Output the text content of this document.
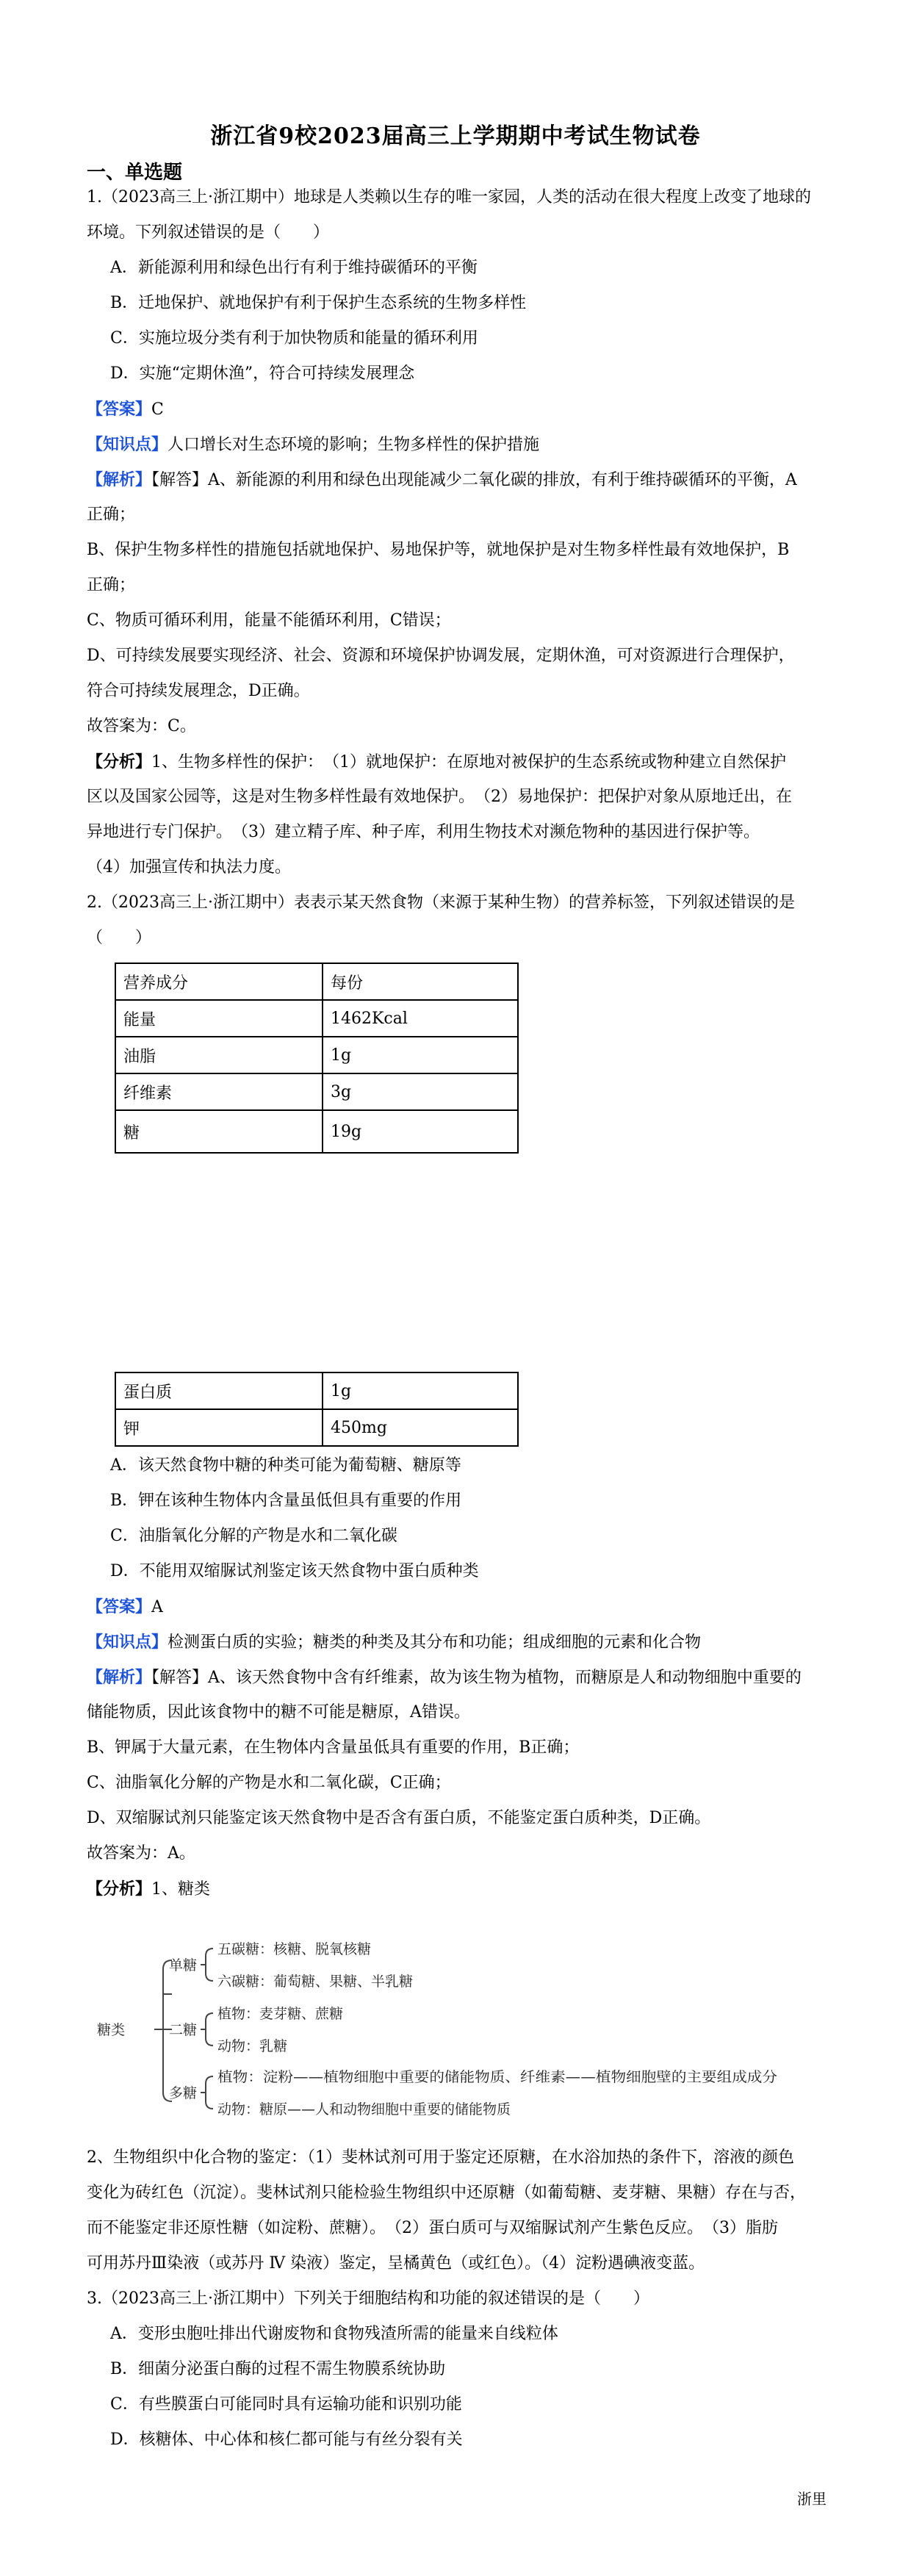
浙江省9校2023届高三上学期期中考试生物试卷
一、单选题
1.（2023高三上·浙江期中）地球是人类赖以生存的唯一家园，人类的活动在很大程度上改变了地球的
环境。下列叙述错误的是（　　）
A．新能源利用和绿色出行有利于维持碳循环的平衡
B．迁地保护、就地保护有利于保护生态系统的生物多样性
C．实施垃圾分类有利于加快物质和能量的循环利用
D．实施“定期休渔”，符合可持续发展理念
【答案】C
【知识点】人口增长对生态环境的影响；生物多样性的保护措施
【解析】【解答】A、新能源的利用和绿色出现能减少二氧化碳的排放，有利于维持碳循环的平衡，A
正确；
B、保护生物多样性的措施包括就地保护、易地保护等，就地保护是对生物多样性最有效地保护，B
正确；
C、物质可循环利用，能量不能循环利用，C错误；
D、可持续发展要实现经济、社会、资源和环境保护协调发展，定期休渔，可对资源进行合理保护，
符合可持续发展理念，D正确。
故答案为：C。
【分析】1、生物多样性的保护：　（1）就地保护：在原地对被保护的生态系统或物种建立自然保护
区以及国家公园等，这是对生物多样性最有效地保护。　（2）易地保护：把保护对象从原地迁出，在
异地进行专门保护。　（3）建立精子库、种子库，利用生物技术对濒危物种的基因进行保护等。
（4）加强宣传和执法力度。
2.（2023高三上·浙江期中）表表示某天然食物（来源于某种生物）的营养标签，下列叙述错误的是
（　　）
营养成分	每份
能量	1462Kcal
油脂	1g
纤维素	3g
糖	19g
蛋白质	1g
钾	450mg
A．该天然食物中糖的种类可能为葡萄糖、糖原等
B．钾在该种生物体内含量虽低但具有重要的作用
C．油脂氧化分解的产物是水和二氧化碳
D．不能用双缩脲试剂鉴定该天然食物中蛋白质种类
【答案】A
【知识点】检测蛋白质的实验；糖类的种类及其分布和功能；组成细胞的元素和化合物
【解析】【解答】A、该天然食物中含有纤维素，故为该生物为植物，而糖原是人和动物细胞中重要的
储能物质，因此该食物中的糖不可能是糖原，A错误。
B、钾属于大量元素，在生物体内含量虽低具有重要的作用，B正确；
C、油脂氧化分解的产物是水和二氧化碳，C正确；
D、双缩脲试剂只能鉴定该天然食物中是否含有蛋白质，不能鉴定蛋白质种类，D正确。
故答案为：A。
【分析】1、糖类
糖类
单糖
二糖
多糖
五碳糖：核糖、脱氧核糖
六碳糖：葡萄糖、果糖、半乳糖
植物：麦芽糖、蔗糖
动物：乳糖
植物：淀粉——植物细胞中重要的储能物质、纤维素——植物细胞壁的主要组成成分
动物：糖原——人和动物细胞中重要的储能物质
2、生物组织中化合物的鉴定：（1）斐林试剂可用于鉴定还原糖，在水浴加热的条件下，溶液的颜色
变化为砖红色（沉淀）。斐林试剂只能检验生物组织中还原糖（如葡萄糖、麦芽糖、果糖）存在与否，
而不能鉴定非还原性糖（如淀粉、蔗糖）。　（2）蛋白质可与双缩脲试剂产生紫色反应。　（3）脂肪
可用苏丹Ⅲ染液（或苏丹 Ⅳ 染液）鉴定，呈橘黄色（或红色）。（4）淀粉遇碘液变蓝。
3.（2023高三上·浙江期中）下列关于细胞结构和功能的叙述错误的是（　　）
A．变形虫胞吐排出代谢废物和食物残渣所需的能量来自线粒体
B．细菌分泌蛋白酶的过程不需生物膜系统协助
C．有些膜蛋白可能同时具有运输功能和识别功能
D．核糖体、中心体和核仁都可能与有丝分裂有关
浙里
